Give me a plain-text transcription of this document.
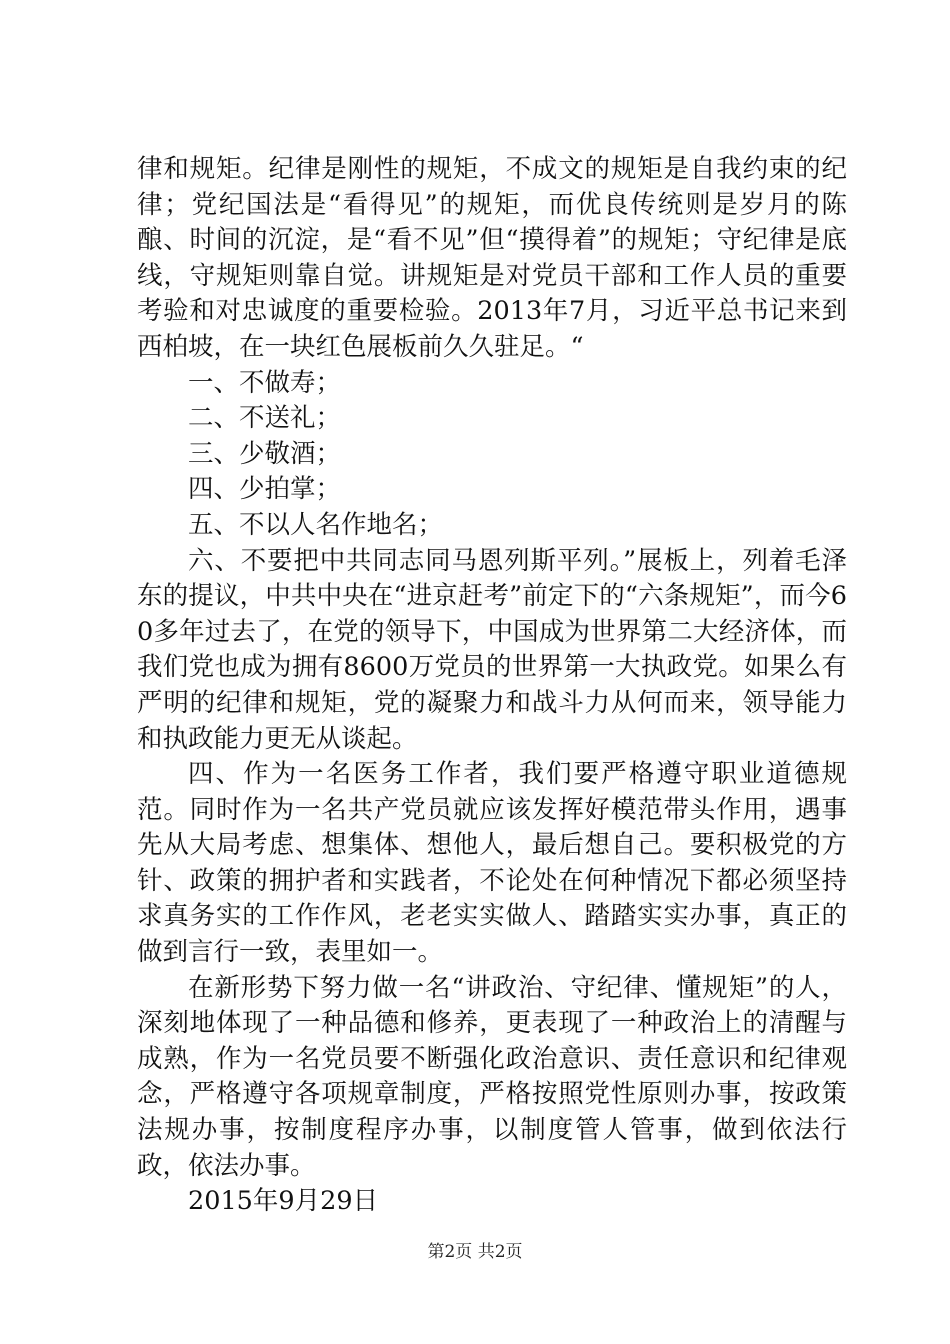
律和规矩。纪律是刚性的规矩，不成文的规矩是自我约束的纪律；党纪国法是“看得见”的规矩，而优良传统则是岁月的陈酿、时间的沉淀，是“看不见”但“摸得着”的规矩；守纪律是底线，守规矩则靠自觉。讲规矩是对党员干部和工作人员的重要考验和对忠诚度的重要检验。2013年7月，习近平总书记来到西柏坡，在一块红色展板前久久驻足。“

一、不做寿；

二、不送礼；

三、少敬酒；

四、少拍掌；

五、不以人名作地名；

六、不要把中共同志同马恩列斯平列。”展板上，列着毛泽东的提议，中共中央在“进京赶考”前定下的“六条规矩”，而今60多年过去了，在党的领导下，中国成为世界第二大经济体，而我们党也成为拥有8600万党员的世界第一大执政党。如果么有严明的纪律和规矩，党的凝聚力和战斗力从何而来，领导能力和执政能力更无从谈起。

四、作为一名医务工作者，我们要严格遵守职业道德规范。同时作为一名共产党员就应该发挥好模范带头作用，遇事先从大局考虑、想集体、想他人，最后想自己。要积极党的方针、政策的拥护者和实践者，不论处在何种情况下都必须坚持求真务实的工作作风，老老实实做人、踏踏实实办事，真正的做到言行一致，表里如一。

在新形势下努力做一名“讲政治、守纪律、懂规矩”的人，深刻地体现了一种品德和修养，更表现了一种政治上的清醒与成熟，作为一名党员要不断强化政治意识、责任意识和纪律观念，严格遵守各项规章制度，严格按照党性原则办事，按政策法规办事，按制度程序办事，以制度管人管事，做到依法行政，依法办事。

2015年9月29日

第2页 共2页
